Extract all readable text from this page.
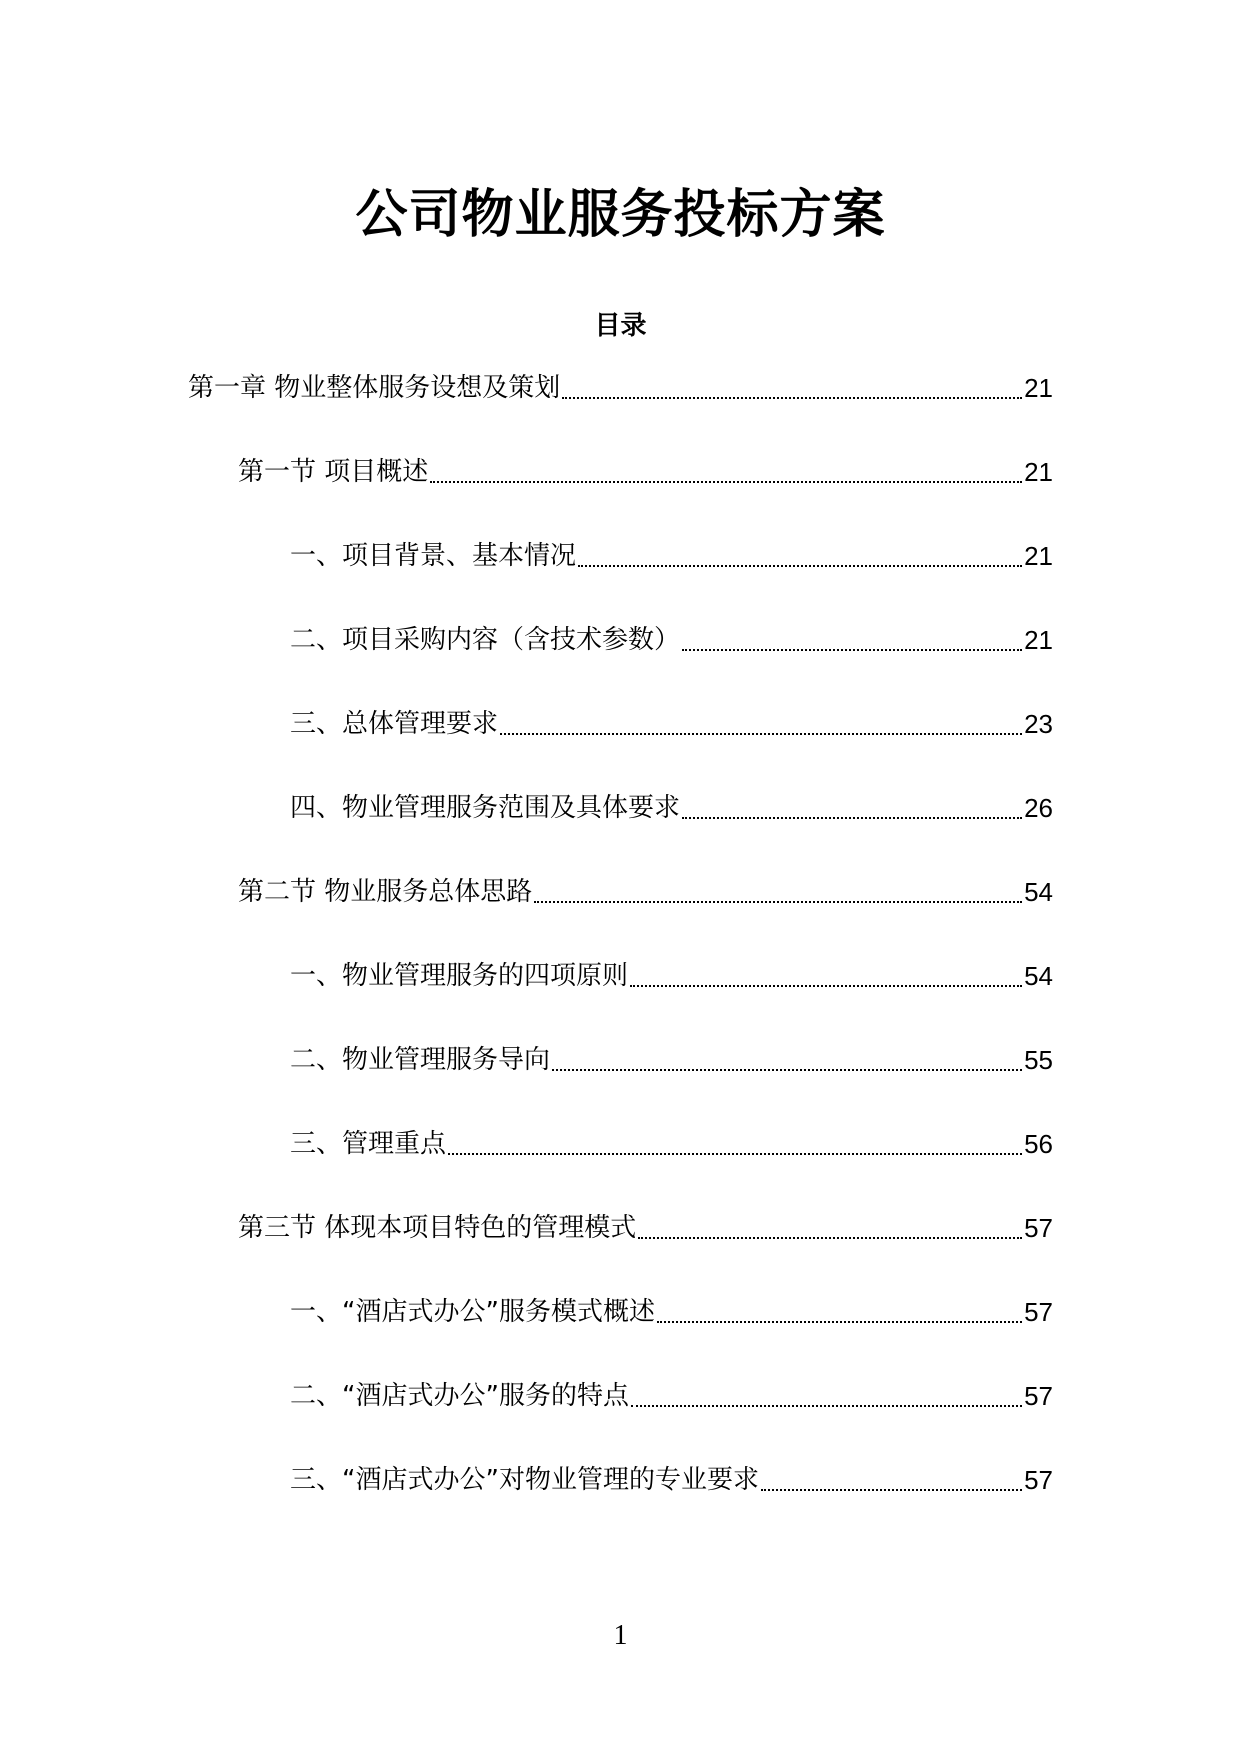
公司物业服务投标方案
目录
第一章 物业整体服务设想及策划	21
第一节 项目概述	21
一、项目背景、基本情况	21
二、项目采购内容（含技术参数）	21
三、总体管理要求	23
四、物业管理服务范围及具体要求	26
第二节 物业服务总体思路	54
一、物业管理服务的四项原则	54
二、物业管理服务导向	55
三、管理重点	56
第三节 体现本项目特色的管理模式	57
一、“酒店式办公”服务模式概述	57
二、“酒店式办公”服务的特点	57
三、“酒店式办公”对物业管理的专业要求	57
1
